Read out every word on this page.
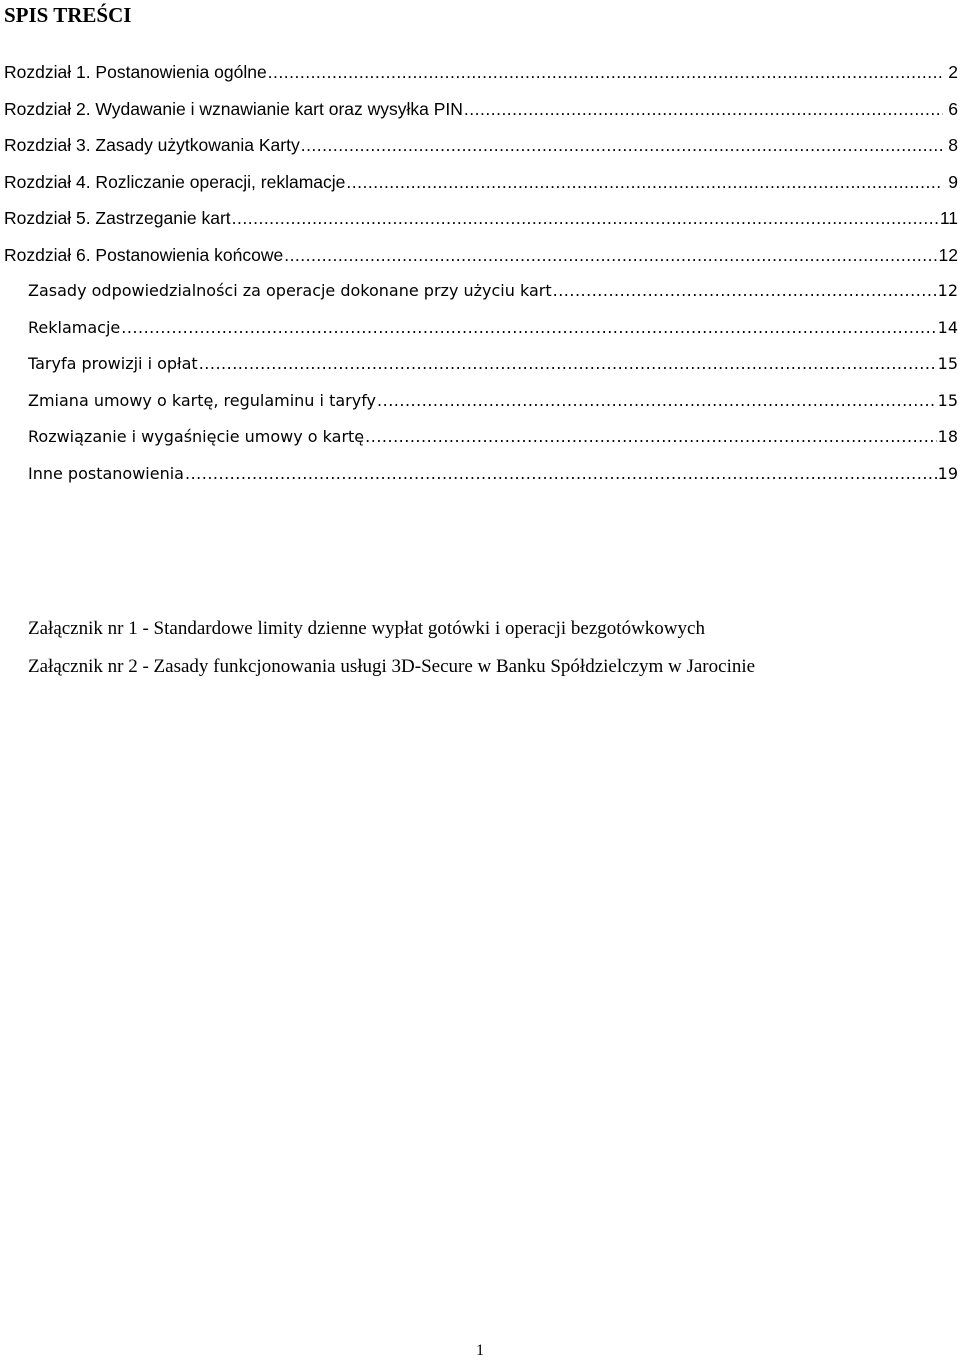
SPIS TREŚCI
Rozdział 1. Postanowienia ogólne .....	2
Rozdział 2. Wydawanie i wznawianie kart oraz wysyłka PIN .....	6
Rozdział 3. Zasady użytkowania Karty .....	8
Rozdział 4. Rozliczanie operacji, reklamacje .....	9
Rozdział 5. Zastrzeganie kart .....	11
Rozdział 6. Postanowienia końcowe .....	12
Zasady odpowiedzialności za operacje dokonane przy użyciu kart .....	12
Reklamacje .....	14
Taryfa prowizji i opłat .....	15
Zmiana umowy o kartę, regulaminu i taryfy .....	15
Rozwiązanie i wygaśnięcie umowy o kartę .....	18
Inne postanowienia .....	19
Załącznik nr 1 - Standardowe limity dzienne wypłat gotówki i operacji bezgotówkowych
Załącznik nr 2 - Zasady funkcjonowania usługi 3D-Secure w Banku Spółdzielczym w Jarocinie
1
